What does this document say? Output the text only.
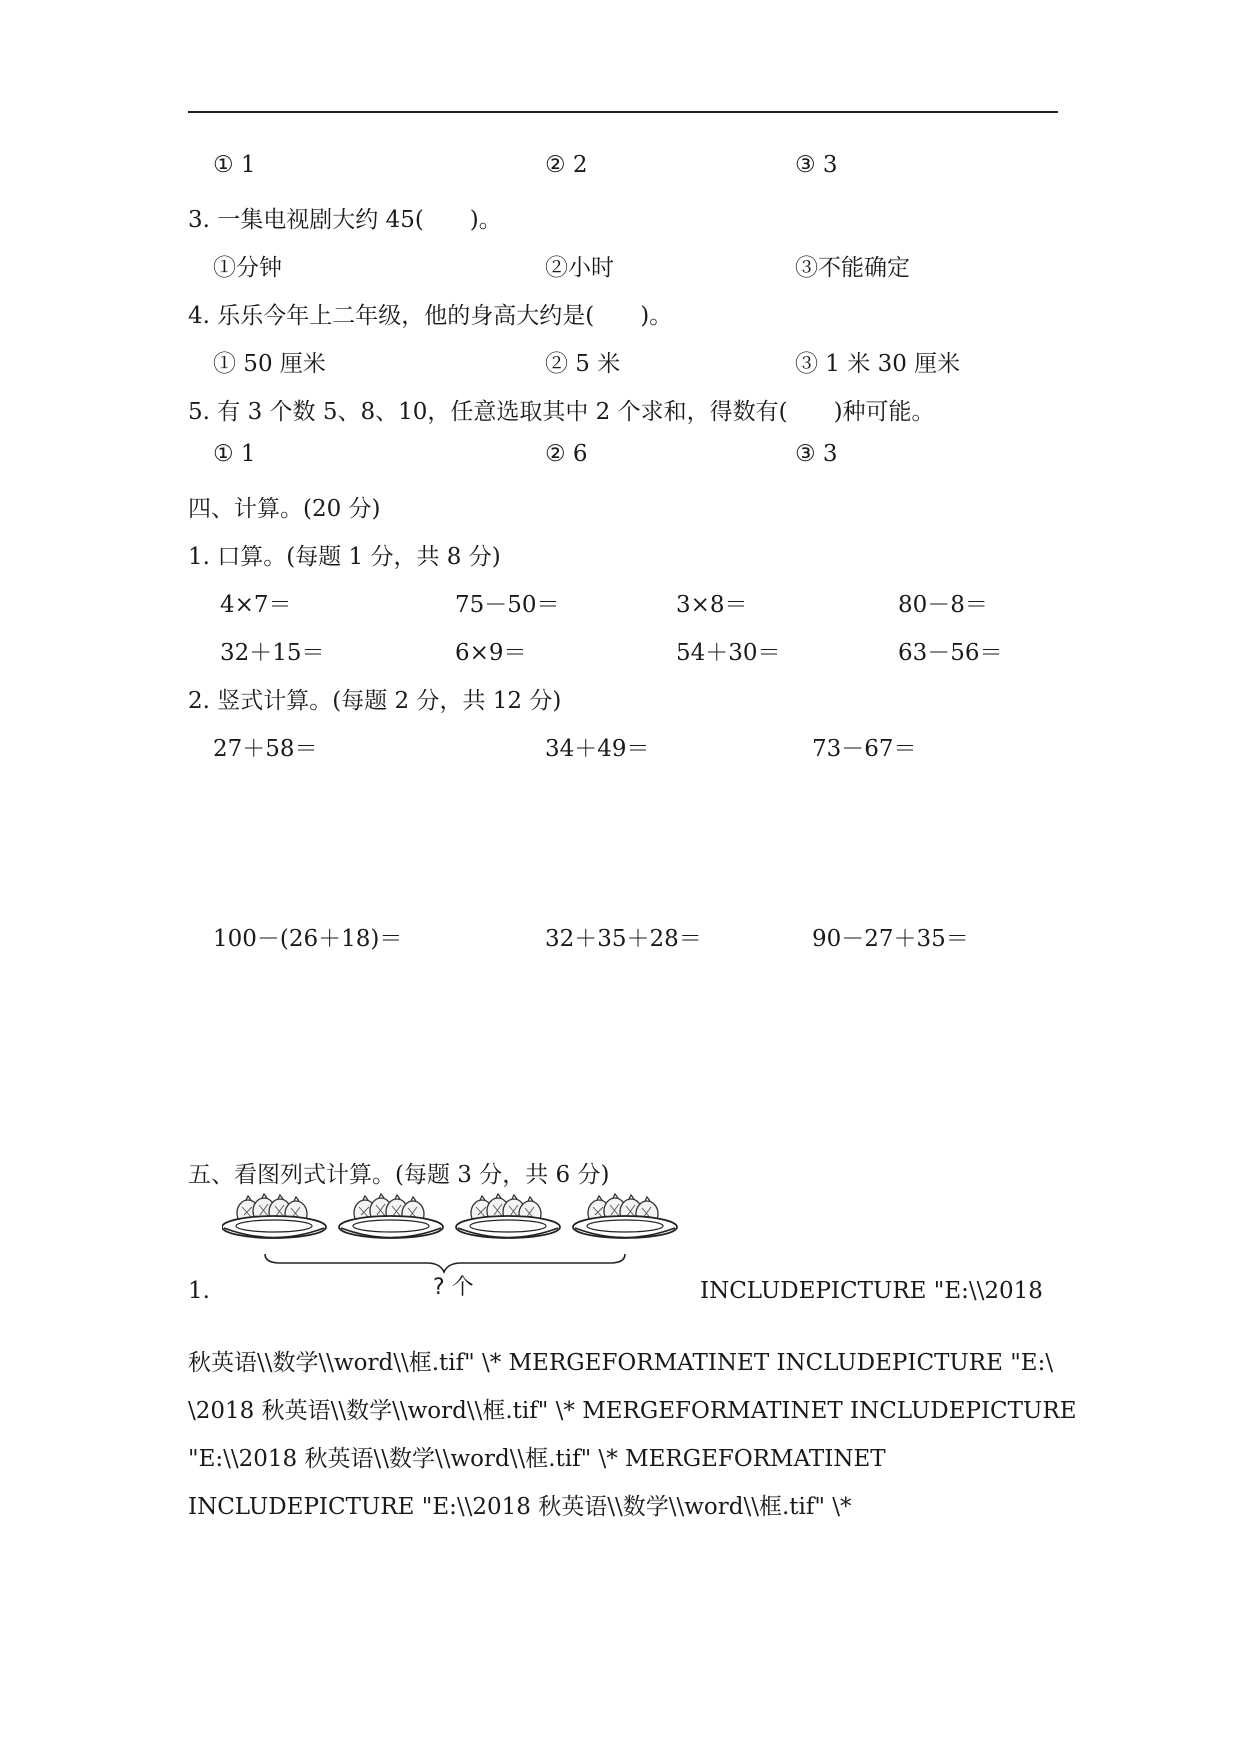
① 1	② 2	③ 3
3. 一集电视剧大约 45(　　)。
①分钟	②小时	③不能确定
4. 乐乐今年上二年级，他的身高大约是(　　)。
① 50 厘米	② 5 米	③ 1 米 30 厘米
5. 有 3 个数 5、8、10，任意选取其中 2 个求和，得数有(　　)种可能。
① 1	② 6	③ 3
四、计算。(20 分)
1. 口算。(每题 1 分，共 8 分)
4×7＝	75－50＝	3×8＝	80－8＝
32＋15＝	6×9＝	54＋30＝	63－56＝
2. 竖式计算。(每题 2 分，共 12 分)
27＋58＝	34＋49＝	73－67＝
100－(26＋18)＝	32＋35＋28＝	90－27＋35＝
五、看图列式计算。(每题 3 分，共 6 分)
? 个
1.	INCLUDEPICTURE "E:\\2018
秋英语\\数学\\word\\框.tif" \* MERGEFORMATINET INCLUDEPICTURE "E:\
\2018 秋英语\\数学\\word\\框.tif" \* MERGEFORMATINET INCLUDEPICTURE
"E:\\2018 秋英语\\数学\\word\\框.tif" \* MERGEFORMATINET
INCLUDEPICTURE "E:\\2018 秋英语\\数学\\word\\框.tif" \*
